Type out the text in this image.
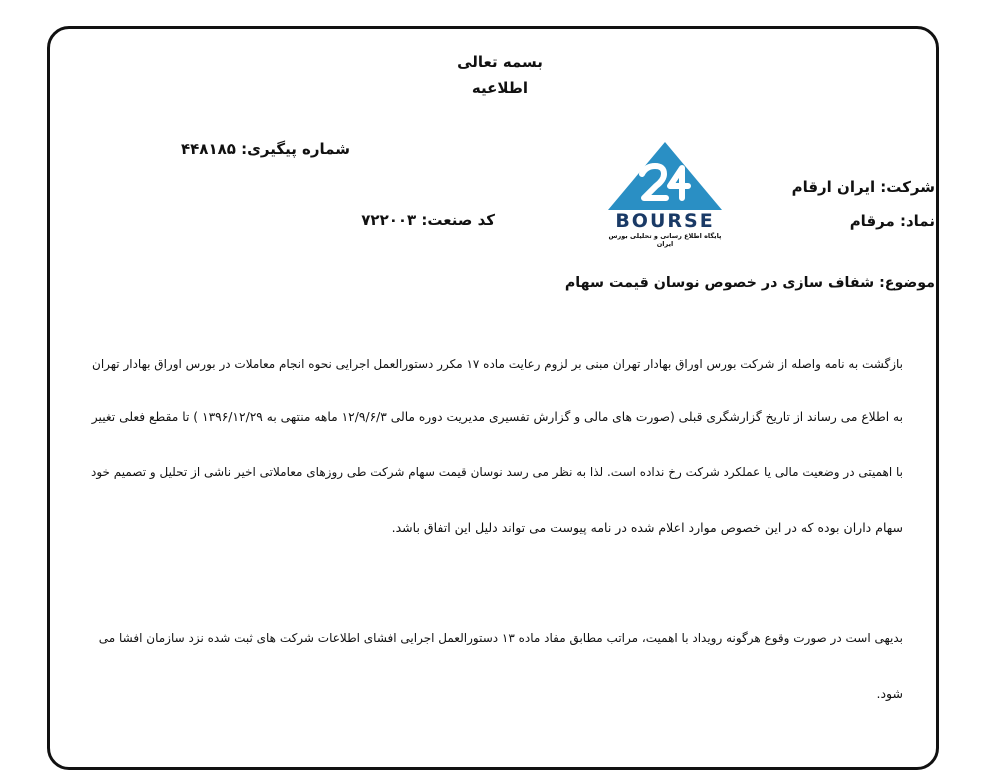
بسمه تعالی
اطلاعیه
شماره پیگیری: ۴۴۸۱۸۵
کد صنعت: ۷۲۲۰۰۳
شرکت: ایران ارقام
نماد: مرقام
BOURSE
پایگاه اطلاع رسانی و تحلیلی بورس ایران
موضوع: شفاف سازی در خصوص نوسان قیمت سهام
بازگشت به نامه واصله از شرکت بورس اوراق بهادار تهران مبنی بر لزوم رعایت ماده ۱۷ مکرر دستورالعمل اجرایی نحوه انجام معاملات در بورس اوراق بهادار تهران
به اطلاع می رساند از تاریخ گزارشگری قبلی (صورت های مالی و گزارش تفسیری مدیریت دوره مالی ۱۲/۹/۶/۳ ماهه منتهی به ۱۳۹۶/۱۲/۲۹ ) تا مقطع فعلی تغییر
با اهمیتی در وضعیت مالی یا عملکرد شرکت رخ نداده است. لذا به نظر می رسد نوسان قیمت سهام شرکت طی روزهای معاملاتی اخیر ناشی از تحلیل و تصمیم خود
سهام داران بوده که در این خصوص موارد اعلام شده در نامه پیوست می تواند دلیل این اتفاق باشد.
بدیهی است در صورت وقوع هرگونه رویداد با اهمیت، مراتب مطابق مفاد ماده ۱۳ دستورالعمل اجرایی افشای اطلاعات شرکت های ثبت شده نزد سازمان افشا می
شود.
